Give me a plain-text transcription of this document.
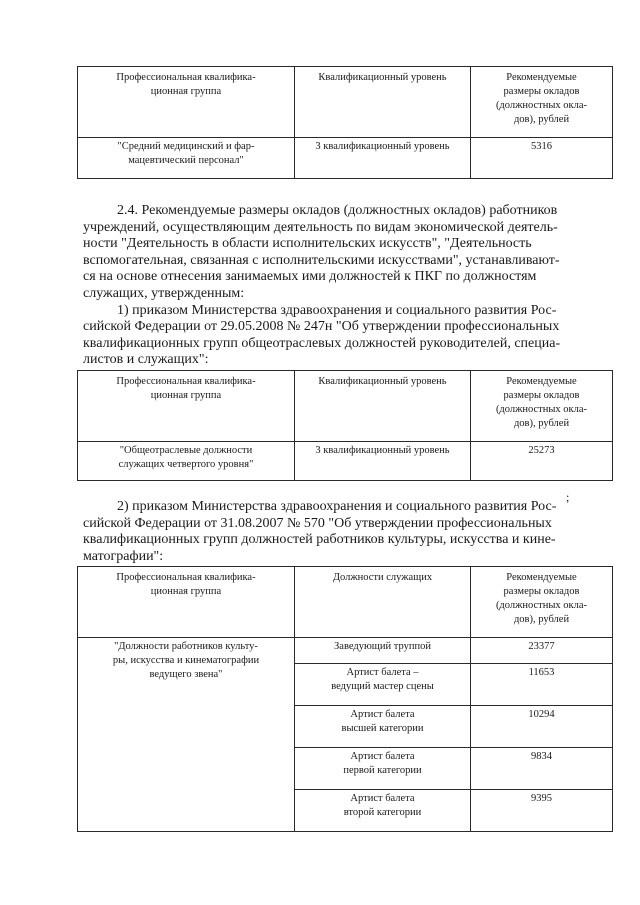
Профессиональная квалифика-
ционная группа	Квалификационный уровень	Рекомендуемые
размеры окладов
(должностных окла-
дов), рублей
"Средний медицинский и фар-
мацевтический персонал"	3 квалификационный уровень	5316
2.4. Рекомендуемые размеры окладов (должностных окладов) работников
учреждений, осуществляющим деятельность по видам экономической деятель-
ности "Деятельность в области исполнительских искусств", "Деятельность
вспомогательная, связанная с исполнительскими искусствами", устанавливают-
ся на основе отнесения занимаемых ими должностей к ПКГ по должностям
служащих, утвержденным:
1) приказом Министерства здравоохранения и социального развития Рос-
сийской Федерации от 29.05.2008 № 247н "Об утверждении профессиональных
квалификационных групп общеотраслевых должностей руководителей, специа-
листов и служащих":
Профессиональная квалифика-
ционная группа	Квалификационный уровень	Рекомендуемые
размеры окладов
(должностных окла-
дов), рублей
"Общеотраслевые должности
служащих четвертого уровня"	3 квалификационный уровень	25273
;
2) приказом Министерства здравоохранения и социального развития Рос-
сийской Федерации от 31.08.2007 № 570 "Об утверждении профессиональных
квалификационных групп должностей работников культуры, искусства и кине-
матографии":
Профессиональная квалифика-
ционная группа	Должности служащих	Рекомендуемые
размеры окладов
(должностных окла-
дов), рублей
"Должности работников культу-
ры, искусства и кинематографии
ведущего звена"	Заведующий труппой	23377
	Артист балета –
ведущий мастер сцены	11653
	Артист балета
высшей категории	10294
	Артист балета
первой категории	9834
	Артист балета
второй категории	9395
